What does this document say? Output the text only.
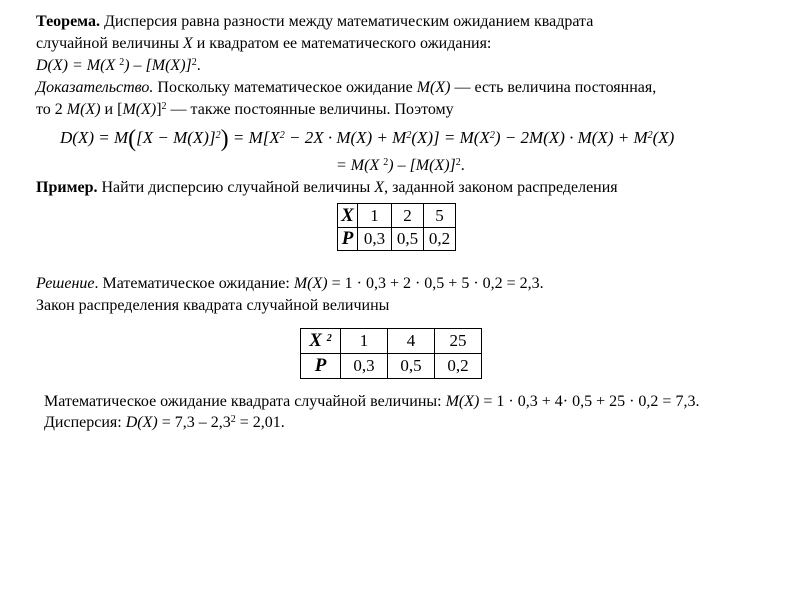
Теорема. Дисперсия равна разности между математическим ожиданием квадрата
случайной величины X и квадратом ее математического ожидания:
D(X) = M(X $^2) - [M(X)]^2$.
Доказательство. Поскольку математическое ожидание M(X) — есть величина постоянная,
то 2 M(X) и $[M(X)]^2$ — также постоянные величины. Поэтому
$D(X) = M([X - M(X)]^2) = M[X^2 - 2X \cdot M(X) + M^2(X)] = M(X^2) - 2M(X) \cdot M(X) + M^2(X)$
= M(X $^2) - [M(X)]^2$.
Пример. Найти дисперсию случайной величины X, заданной законом распределения
X	1	2	5
P	0,3	0,5	0,2
Решение. Математическое ожидание: M(X) = 1 · 0,3 + 2 · 0,5 + 5 · 0,2 = 2,3.
Закон распределения квадрата случайной величины
X $^2$	1	4	25
P	0,3	0,5	0,2
Математическое ожидание квадрата случайной величины: M(X) = 1 · 0,3 + 4· 0,5 + 25 · 0,2 = 7,3.
Дисперсия: $D(X) = 7,3 - 2,3^2 = 2,01$.
